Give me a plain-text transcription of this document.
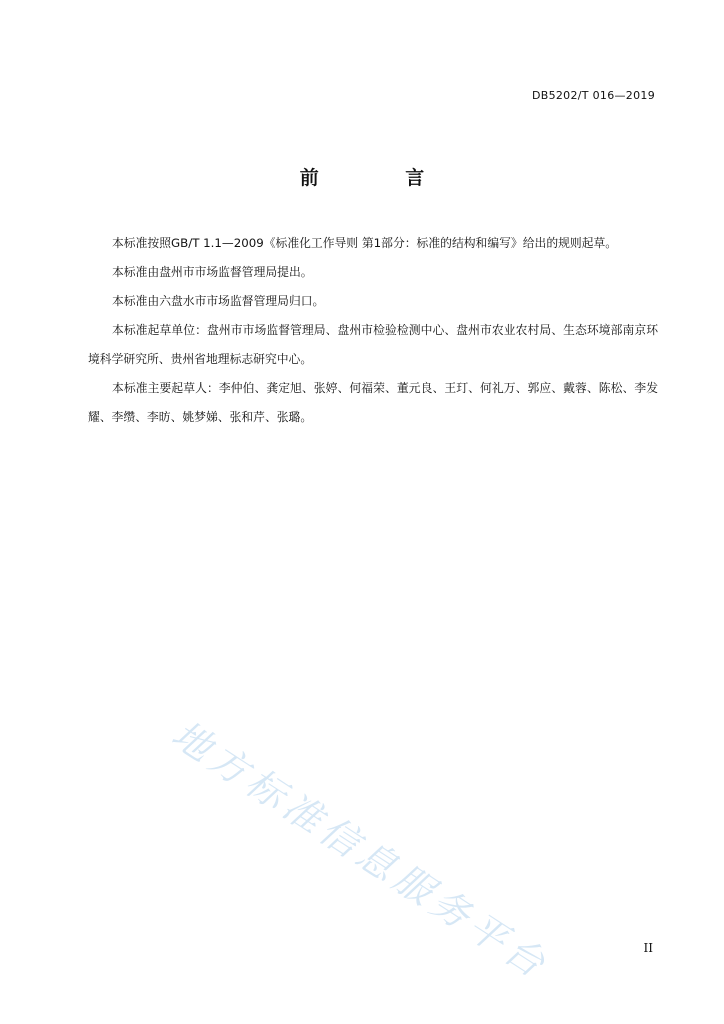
DB5202/T 016—2019
前 言

本标准按照GB/T 1.1—2009《标准化工作导则 第1部分：标准的结构和编写》给出的规则起草。

本标准由盘州市市场监督管理局提出。

本标准由六盘水市市场监督管理局归口。

本标准起草单位：盘州市市场监督管理局、盘州市检验检测中心、盘州市农业农村局、生态环境部南京环境科学研究所、贵州省地理标志研究中心。

本标准主要起草人：李仲伯、龚定旭、张婷、何福荣、董元良、王玎、何礼万、郭应、戴蓉、陈松、李发耀、李缵、李昉、姚梦娣、张和芹、张璐。

地方标准信息服务平台	II
